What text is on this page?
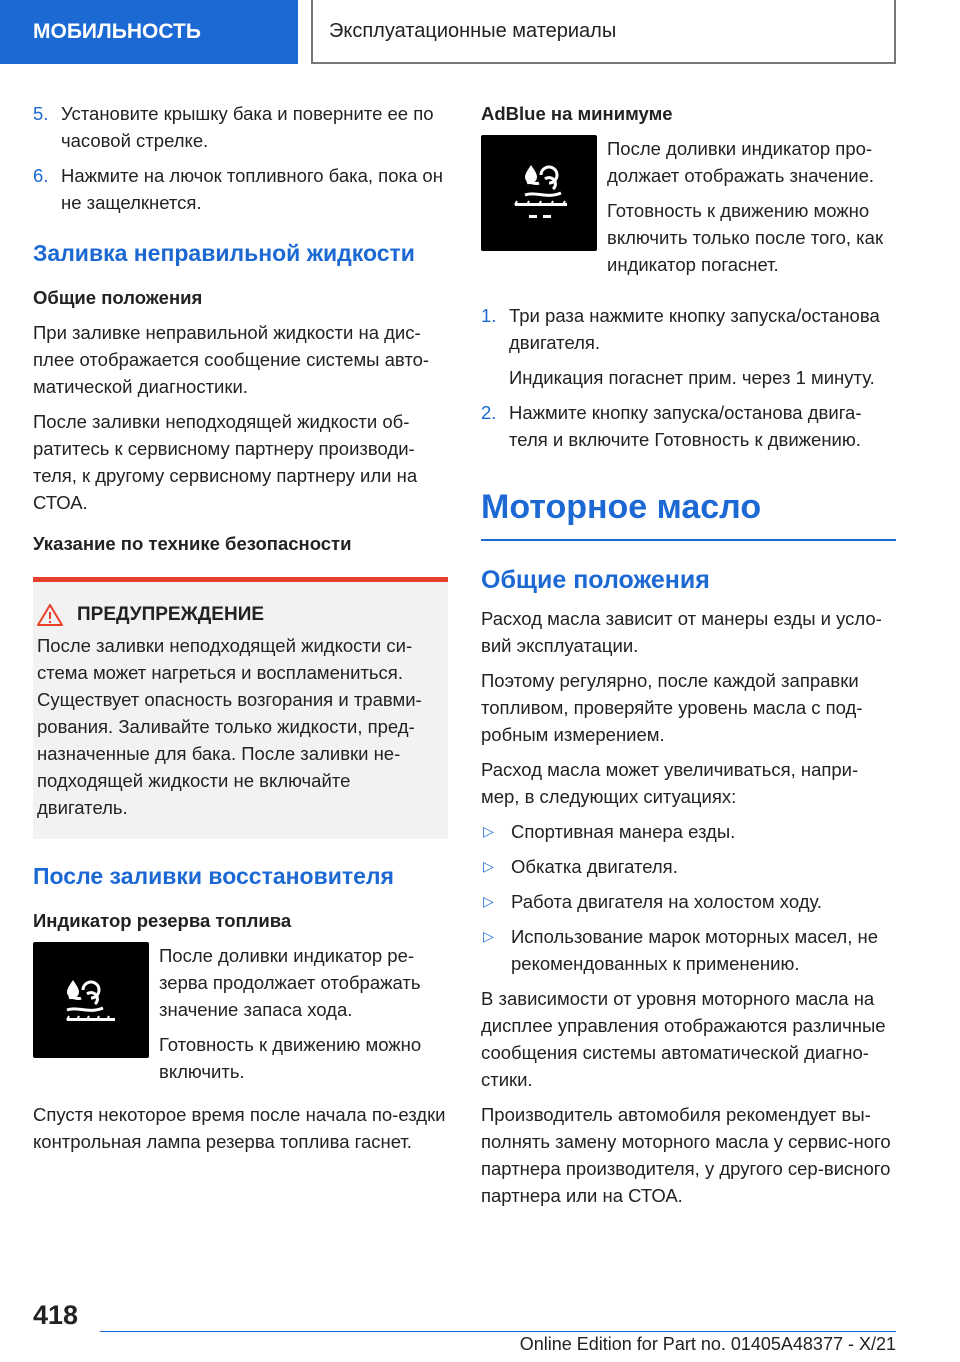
МОБИЛЬНОСТЬ	Эксплуатационные материалы
5. Установите крышку бака и поверните ее по часовой стрелке.
6. Нажмите на лючок топливного бака, пока он не защелкнется.
Заливка неправильной жидкости
Общие положения

При заливке неправильной жидкости на дис-плее отображается сообщение системы авто-матической диагностики.

После заливки неподходящей жидкости об-ратитесь к сервисному партнеру производи-теля, к другому сервисному партнеру или на СТОА.

Указание по технике безопасности
ПРЕДУПРЕЖДЕНИЕ

После заливки неподходящей жидкости си-стема может нагреться и воспламениться. Существует опасность возгорания и травми-рования. Заливайте только жидкости, пред-назначенные для бака. После заливки не-подходящей жидкости не включайте двигатель.

После заливки восстановителя
Индикатор резерва топлива

После доливки индикатор ре-зерва продолжает отображать значение запаса хода.

Готовность к движению можно включить.

Спустя некоторое время после начала по-ездки контрольная лампа резерва топлива гаснет.

AdBlue на минимуме

После доливки индикатор про-должает отображать значение.

Готовность к движению можно включить только после того, как индикатор погаснет.

1. Три раза нажмите кнопку запуска/останова двигателя.

Индикация погаснет прим. через 1 минуту.
2. Нажмите кнопку запуска/останова двига-теля и включите Готовность к движению.
Моторное масло
Общие положения

Расход масла зависит от манеры езды и усло-вий эксплуатации.

Поэтому регулярно, после каждой заправки топливом, проверяйте уровень масла с под-робным измерением.

Расход масла может увеличиваться, напри-мер, в следующих ситуациях:

▷ Спортивная манера езды.
▷ Обкатка двигателя.
▷ Работа двигателя на холостом ходу.
▷ Использование марок моторных масел, не рекомендованных к применению.

В зависимости от уровня моторного масла на дисплее управления отображаются различные сообщения системы автоматической диагно-стики.

Производитель автомобиля рекомендует вы-полнять замену моторного масла у сервис-ного партнера производителя, у другого сер-висного партнера или на СТОА.

418
Online Edition for Part no. 01405A48377 - X/21
